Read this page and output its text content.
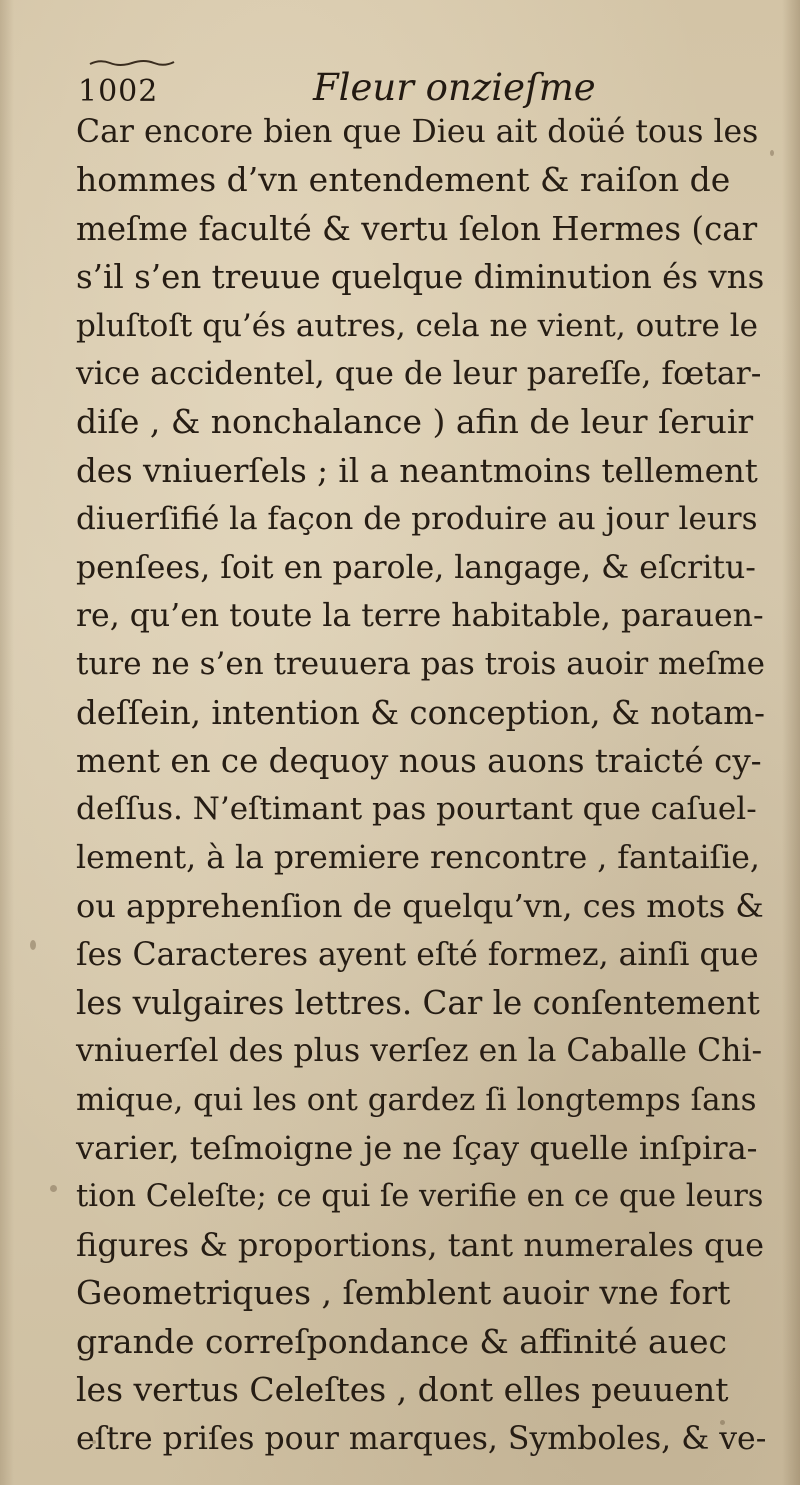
1002	Fleur onzieſme
Car encore bien que Dieu ait doüé tous les
hommes d’vn entendement & raiſon de
meſme faculté & vertu ſelon Hermes (car
s’il s’en treuue quelque diminution és vns
pluſtoſt qu’és autres, cela ne vient, outre le
vice accidentel, que de leur pareſſe, fœtar-
diſe , & nonchalance ) afin de leur ſeruir
des vniuerſels ; il a neantmoins tellement
diuerſifié la façon de produire au jour leurs
penſees, ſoit en parole, langage, & eſcritu-
re, qu’en toute la terre habitable, parauen-
ture ne s’en treuuera pas trois auoir meſme
deſſein, intention & conception, & notam-
ment en ce dequoy nous auons traicté cy-
deſſus. N’eſtimant pas pourtant que caſuel-
lement, à la premiere rencontre , fantaiſie,
ou apprehenſion de quelqu’vn, ces mots &
ſes Caracteres ayent eſté formez, ainſi que
les vulgaires lettres. Car le conſentement
vniuerſel des plus verſez en la Caballe Chi-
mique, qui les ont gardez ſi longtemps ſans
varier, teſmoigne je ne ſçay quelle inſpira-
tion Celeſte; ce qui ſe verifie en ce que leurs
figures & proportions, tant numerales que
Geometriques , ſemblent auoir vne fort
grande correſpondance & affinité auec
les vertus Celeſtes , dont elles peuuent
eſtre priſes pour marques, Symboles, & ve-
